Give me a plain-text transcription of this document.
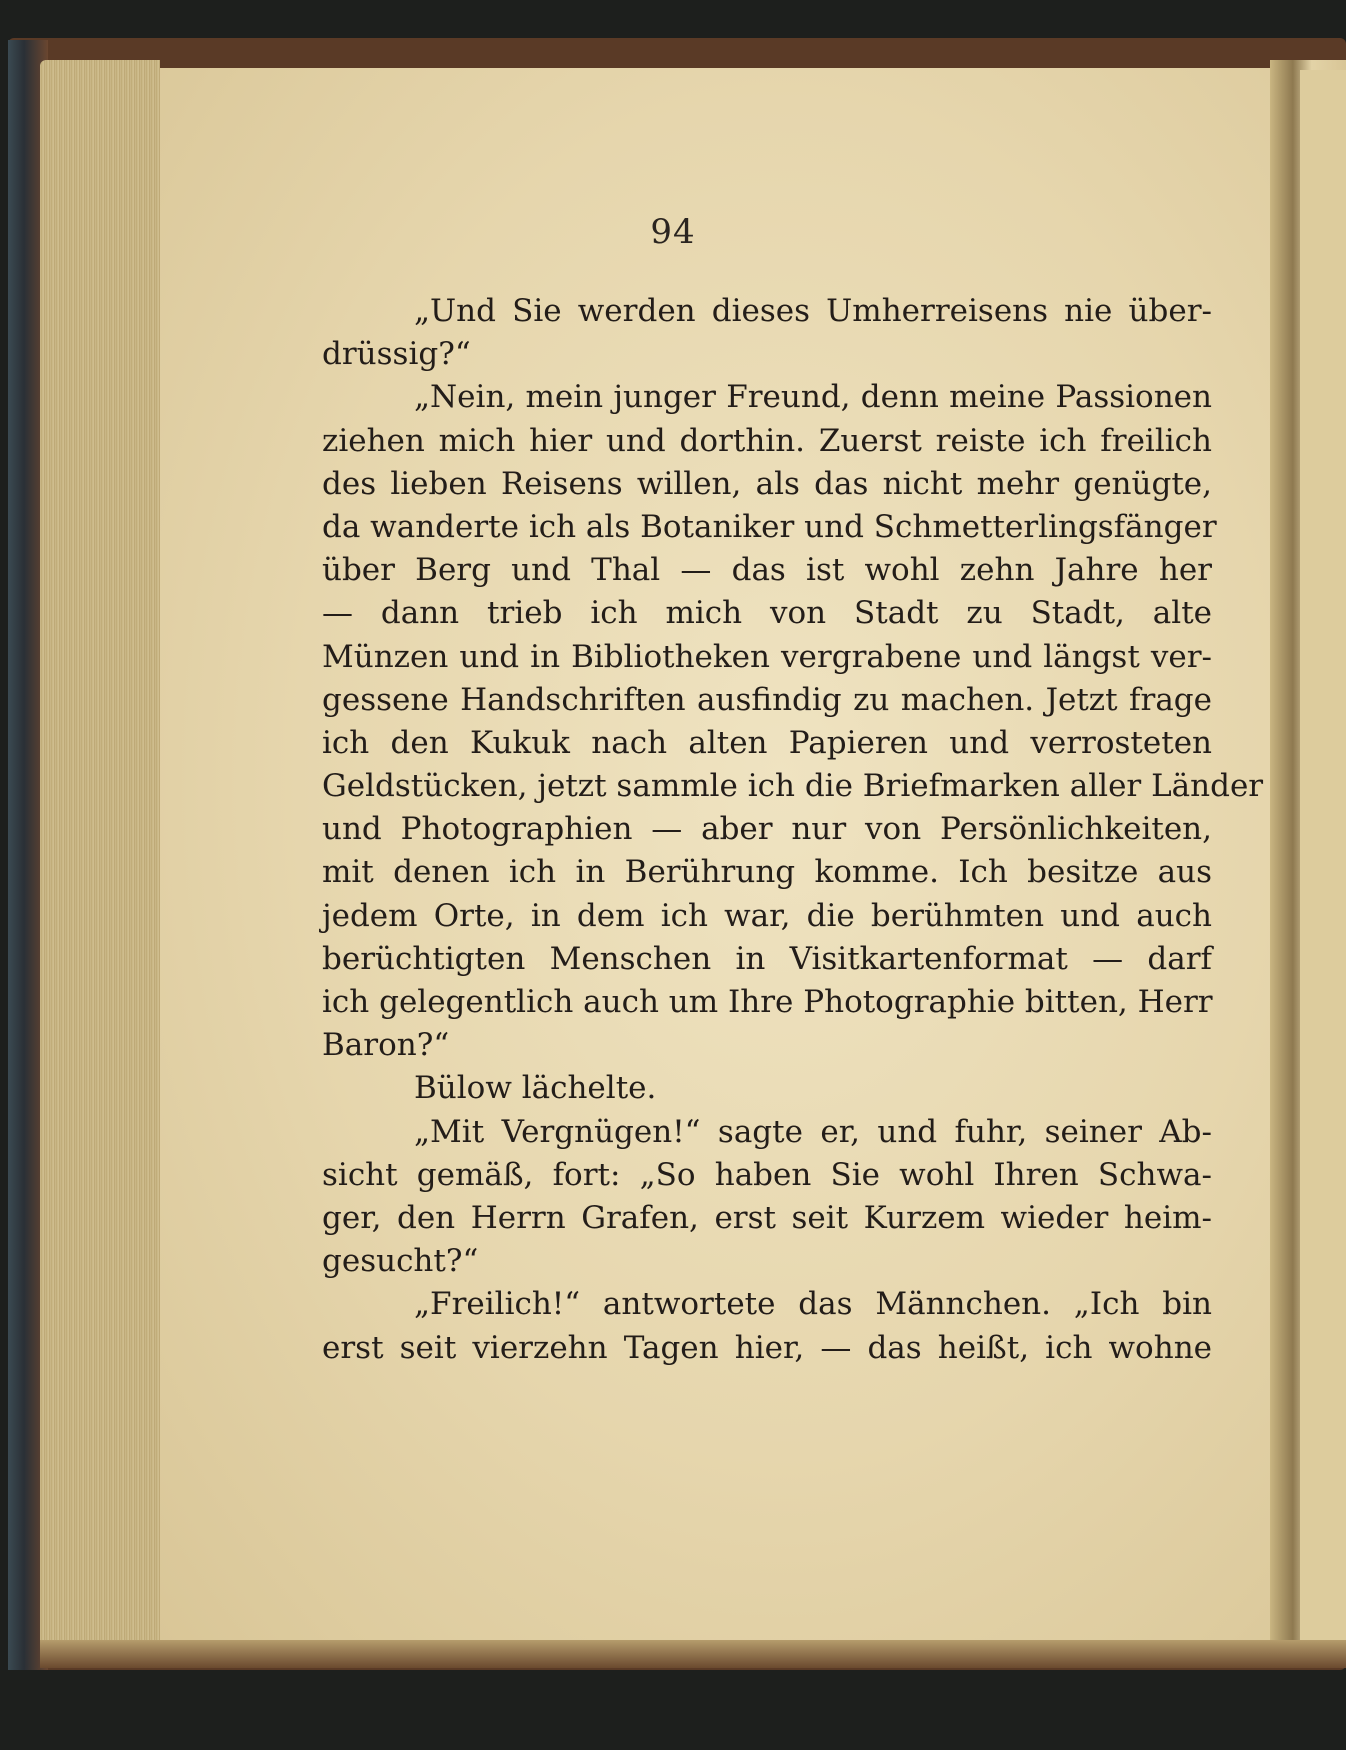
94
„Und Sie werden dieses Umherreisens nie über-
drüssig?“
„Nein, mein junger Freund, denn meine Passionen
ziehen mich hier und dorthin. Zuerst reiste ich freilich
des lieben Reisens willen, als das nicht mehr genügte,
da wanderte ich als Botaniker und Schmetterlingsfänger
über Berg und Thal — das ist wohl zehn Jahre her
— dann trieb ich mich von Stadt zu Stadt, alte
Münzen und in Bibliotheken vergrabene und längst ver-
gessene Handschriften ausfindig zu machen. Jetzt frage
ich den Kukuk nach alten Papieren und verrosteten
Geldstücken, jetzt sammle ich die Briefmarken aller Länder
und Photographien — aber nur von Persönlichkeiten,
mit denen ich in Berührung komme. Ich besitze aus
jedem Orte, in dem ich war, die berühmten und auch
berüchtigten Menschen in Visitkartenformat — darf
ich gelegentlich auch um Ihre Photographie bitten, Herr
Baron?“
Bülow lächelte.
„Mit Vergnügen!“ sagte er, und fuhr, seiner Ab-
sicht gemäß, fort: „So haben Sie wohl Ihren Schwa-
ger, den Herrn Grafen, erst seit Kurzem wieder heim-
gesucht?“
„Freilich!“ antwortete das Männchen. „Ich bin
erst seit vierzehn Tagen hier, — das heißt, ich wohne
